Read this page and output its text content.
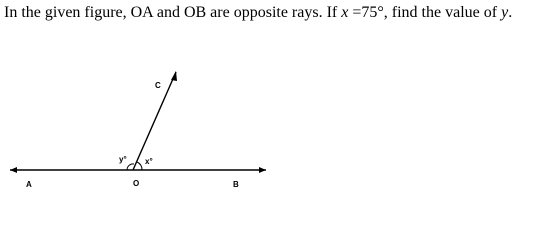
In the given figure, OA and OB are opposite rays. If x =75°, find the value of y.
A	O	B
C
y° x°
